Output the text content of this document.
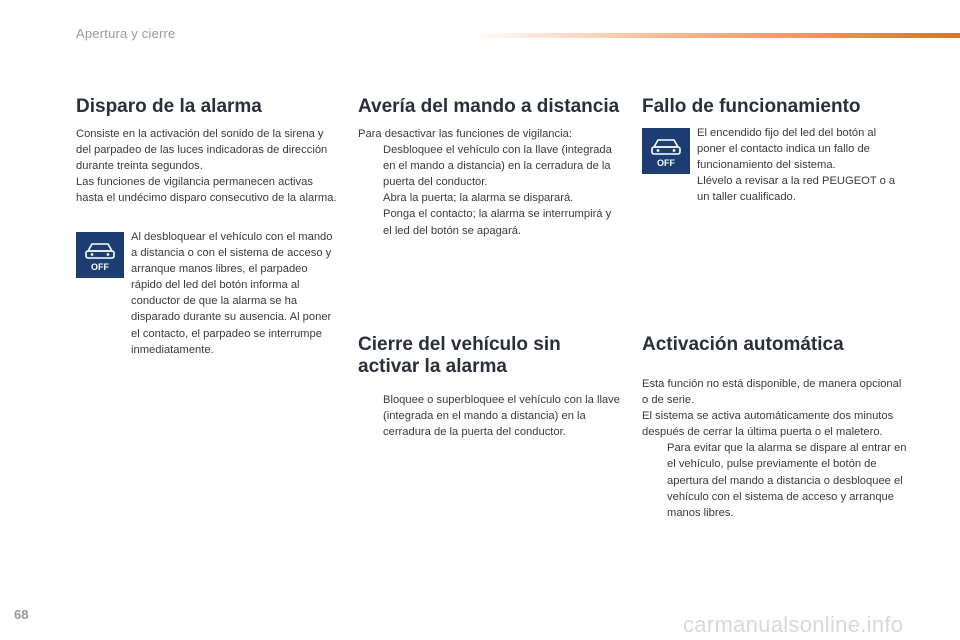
Apertura y cierre
Disparo de la alarma

Consiste en la activación del sonido de la sirena y del parpadeo de las luces indicadoras de dirección durante treinta segundos.

Las funciones de vigilancia permanecen activas hasta el undécimo disparo consecutivo de la alarma.

OFF

Al desbloquear el vehículo con el mando a distancia o con el sistema de acceso y arranque manos libres, el parpadeo rápido del led del botón informa al conductor de que la alarma se ha disparado durante su ausencia. Al poner el contacto, el parpadeo se interrumpe inmediatamente.

Avería del mando a distancia

Para desactivar las funciones de vigilancia:

Desbloquee el vehículo con la llave (integrada en el mando a distancia) en la cerradura de la puerta del conductor.
Abra la puerta; la alarma se disparará.
Ponga el contacto; la alarma se interrumpirá y el led del botón se apagará.
Cierre del vehículo sin activar la alarma
Bloquee o superbloquee el vehículo con la llave (integrada en el mando a distancia) en la cerradura de la puerta del conductor.
Fallo de funcionamiento
OFF

El encendido fijo del led del botón al poner el contacto indica un fallo de funcionamiento del sistema.

Llévelo a revisar a la red PEUGEOT o a un taller cualificado.

Activación automática

Esta función no está disponible, de manera opcional o de serie.

El sistema se activa automáticamente dos minutos después de cerrar la última puerta o el maletero.

Para evitar que la alarma se dispare al entrar en el vehículo, pulse previamente el botón de apertura del mando a distancia o desbloquee el vehículo con el sistema de acceso y arranque manos libres.
68	carmanualsonline.info
